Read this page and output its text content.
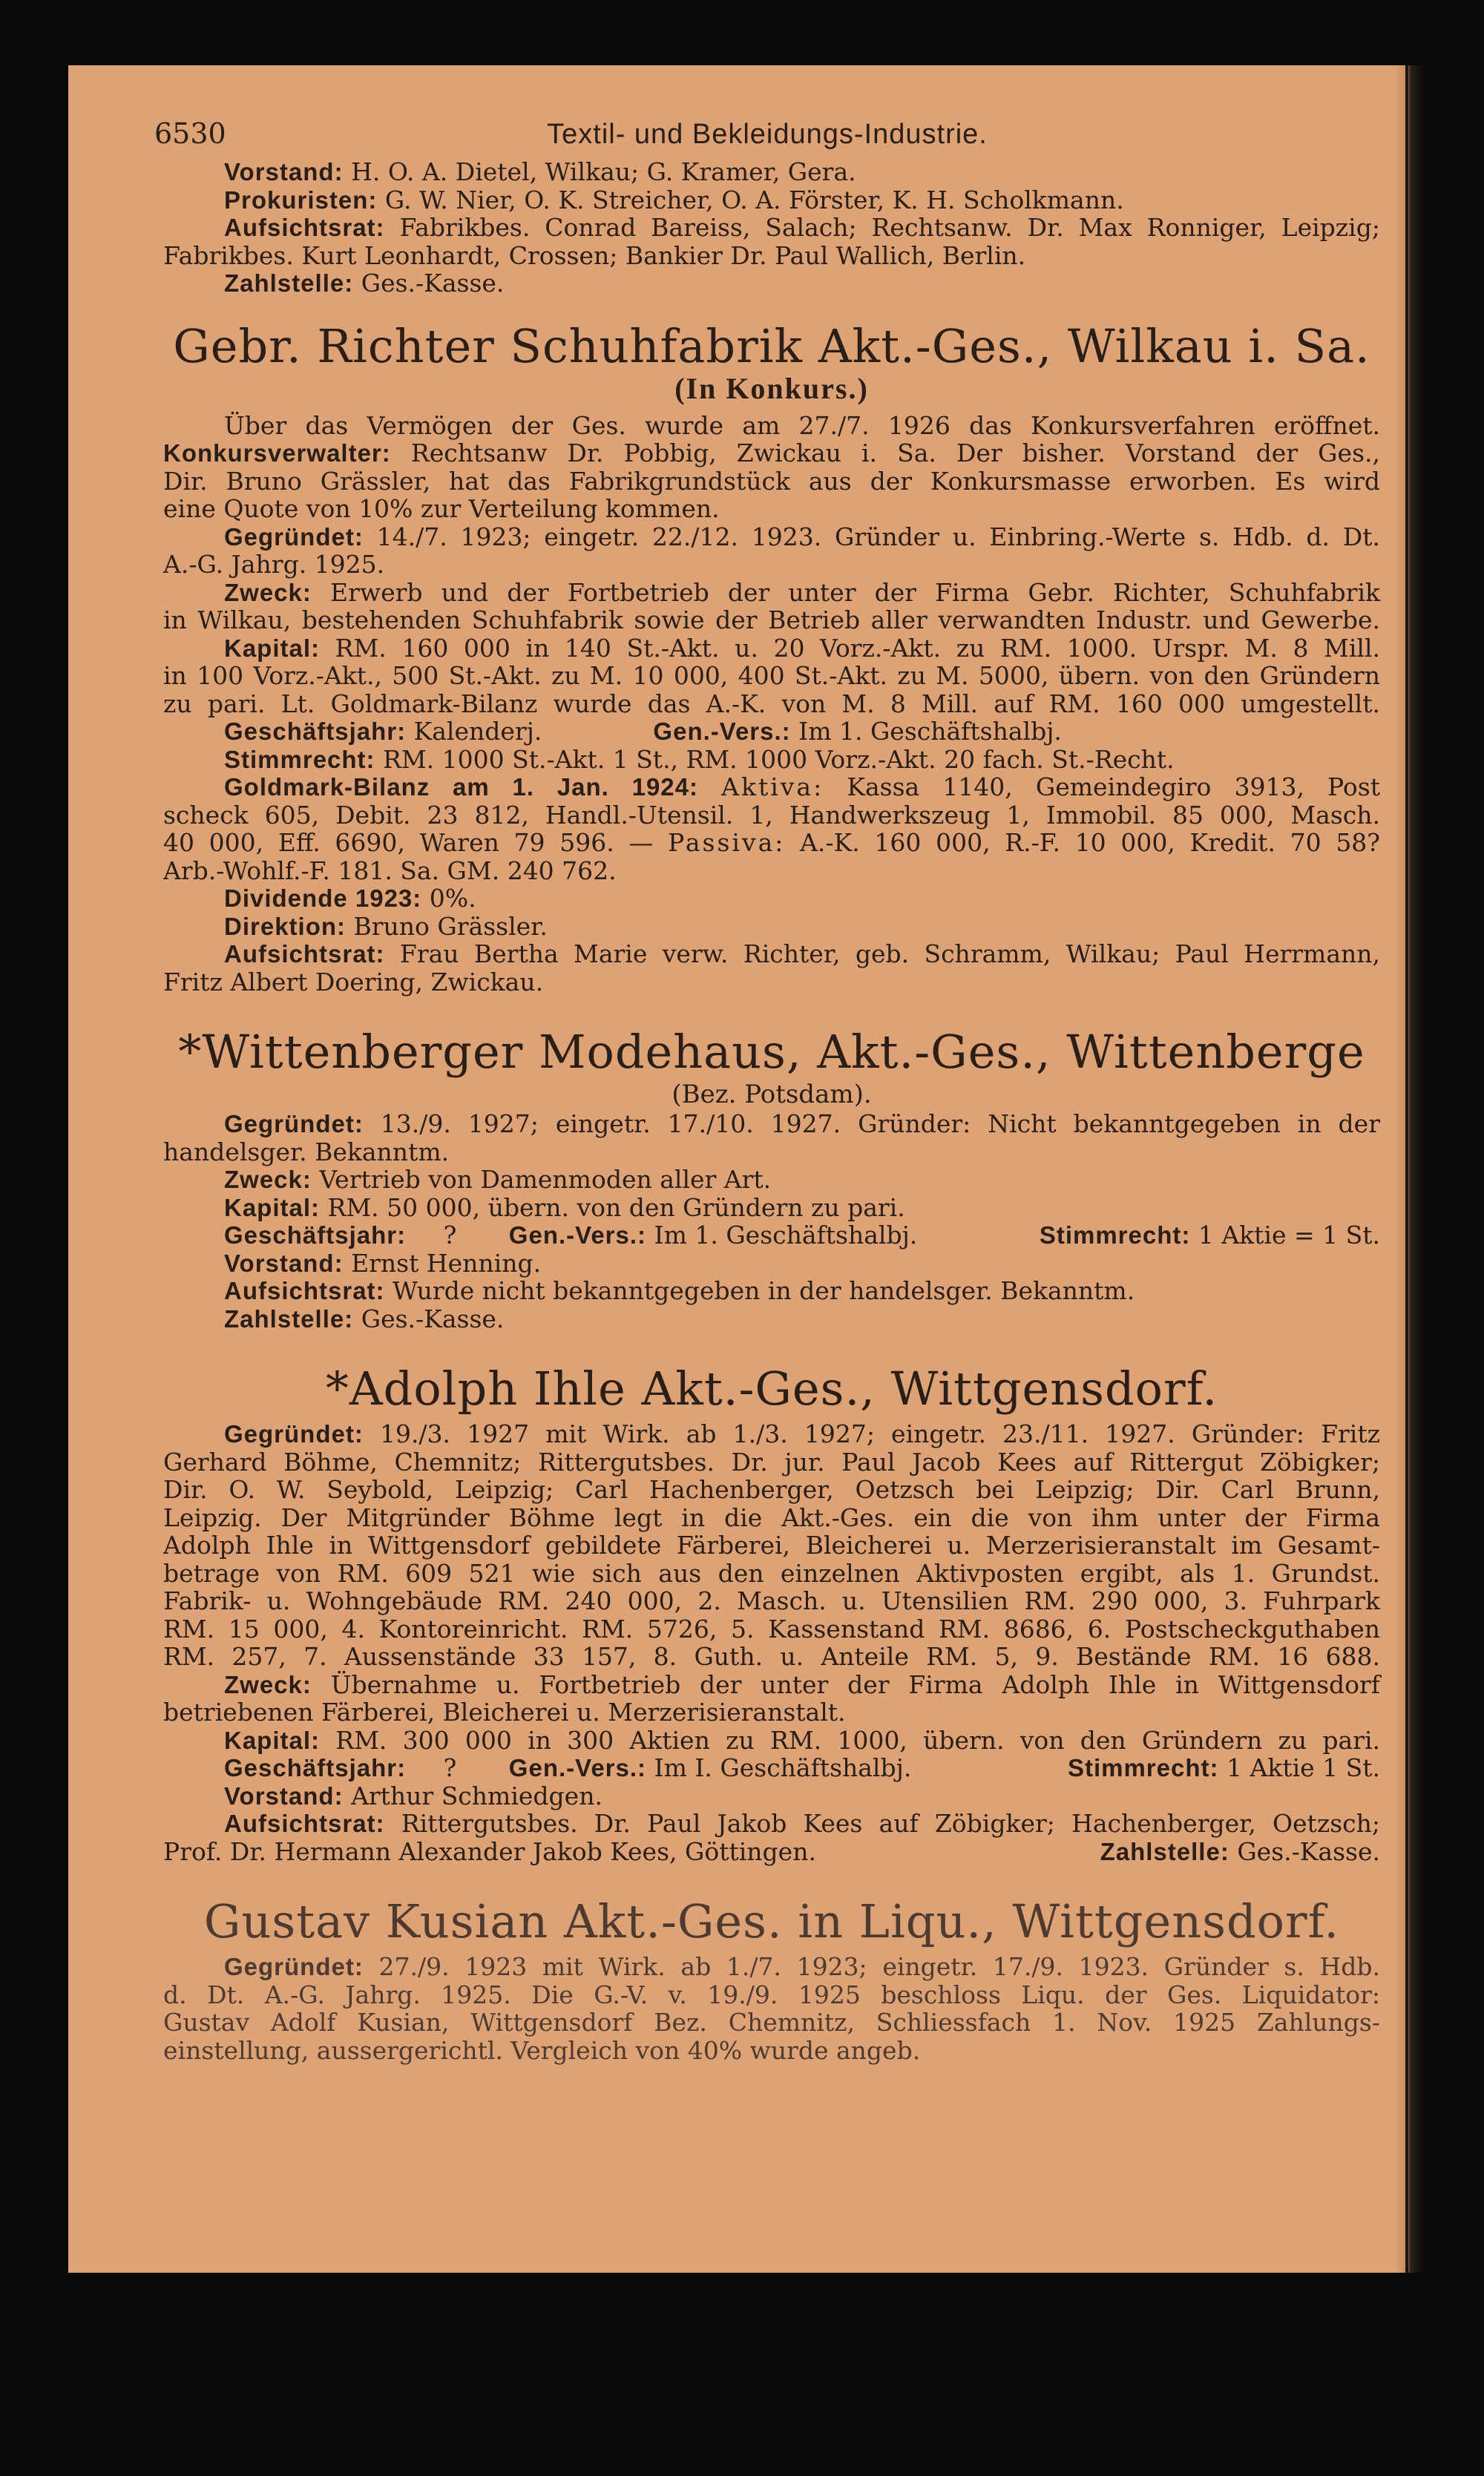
6530	Textil- und Bekleidungs-Industrie.

Vorstand: H. O. A. Dietel, Wilkau; G. Kramer, Gera.

Prokuristen: G. W. Nier, O. K. Streicher, O. A. Förster, K. H. Scholkmann.

Aufsichtsrat: Fabrikbes. Conrad Bareiss, Salach; Rechtsanw. Dr. Max Ronniger, Leipzig;

Fabrikbes. Kurt Leonhardt, Crossen; Bankier Dr. Paul Wallich, Berlin.

Zahlstelle: Ges.-Kasse.

Gebr. Richter Schuhfabrik Akt.-Ges., Wilkau i. Sa.

(In Konkurs.)

Über das Vermögen der Ges. wurde am 27./7. 1926 das Konkursverfahren eröffnet.

Konkursverwalter: Rechtsanw Dr. Pobbig, Zwickau i. Sa. Der bisher. Vorstand der Ges.,

Dir. Bruno Grässler, hat das Fabrikgrundstück aus der Konkursmasse erworben. Es wird

eine Quote von 10% zur Verteilung kommen.

Gegründet: 14./7. 1923; eingetr. 22./12. 1923. Gründer u. Einbring.-Werte s. Hdb. d. Dt.

A.-G. Jahrg. 1925.

Zweck: Erwerb und der Fortbetrieb der unter der Firma Gebr. Richter, Schuhfabrik

in Wilkau, bestehenden Schuhfabrik sowie der Betrieb aller verwandten Industr. und Gewerbe.

Kapital: RM. 160 000 in 140 St.-Akt. u. 20 Vorz.-Akt. zu RM. 1000. Urspr. M. 8 Mill.

in 100 Vorz.-Akt., 500 St.-Akt. zu M. 10 000, 400 St.-Akt. zu M. 5000, übern. von den Gründern

zu pari. Lt. Goldmark-Bilanz wurde das A.-K. von M. 8 Mill. auf RM. 160 000 umgestellt.

Geschäftsjahr: Kalenderj.	Gen.-Vers.: Im 1. Geschäftshalbj.

Stimmrecht: RM. 1000 St.-Akt. 1 St., RM. 1000 Vorz.-Akt. 20 fach. St.-Recht.

Goldmark-Bilanz am 1. Jan. 1924: Aktiva: Kassa 1140, Gemeindegiro 3913, Post

scheck 605, Debit. 23 812, Handl.-Utensil. 1, Handwerkszeug 1, Immobil. 85 000, Masch.

40 000, Eff. 6690, Waren 79 596. — Passiva: A.-K. 160 000, R.-F. 10 000, Kredit. 70 58?

Arb.-Wohlf.-F. 181. Sa. GM. 240 762.

Dividende 1923: 0%.

Direktion: Bruno Grässler.

Aufsichtsrat: Frau Bertha Marie verw. Richter, geb. Schramm, Wilkau; Paul Herrmann,

Fritz Albert Doering, Zwickau.

*Wittenberger Modehaus, Akt.-Ges., Wittenberge

(Bez. Potsdam).

Gegründet: 13./9. 1927; eingetr. 17./10. 1927. Gründer: Nicht bekanntgegeben in der

handelsger. Bekanntm.

Zweck: Vertrieb von Damenmoden aller Art.

Kapital: RM. 50 000, übern. von den Gründern zu pari.

Geschäftsjahr: ? Gen.-Vers.: Im 1. Geschäftshalbj.	Stimmrecht: 1 Aktie = 1 St.

Vorstand: Ernst Henning.

Aufsichtsrat: Wurde nicht bekanntgegeben in der handelsger. Bekanntm.

Zahlstelle: Ges.-Kasse.

*Adolph Ihle Akt.-Ges., Wittgensdorf.

Gegründet: 19./3. 1927 mit Wirk. ab 1./3. 1927; eingetr. 23./11. 1927. Gründer: Fritz

Gerhard Böhme, Chemnitz; Rittergutsbes. Dr. jur. Paul Jacob Kees auf Rittergut Zöbigker;

Dir. O. W. Seybold, Leipzig; Carl Hachenberger, Oetzsch bei Leipzig; Dir. Carl Brunn,

Leipzig. Der Mitgründer Böhme legt in die Akt.-Ges. ein die von ihm unter der Firma

Adolph Ihle in Wittgensdorf gebildete Färberei, Bleicherei u. Merzerisieranstalt im Gesamt-

betrage von RM. 609 521 wie sich aus den einzelnen Aktivposten ergibt, als 1. Grundst.

Fabrik- u. Wohngebäude RM. 240 000, 2. Masch. u. Utensilien RM. 290 000, 3. Fuhrpark

RM. 15 000, 4. Kontoreinricht. RM. 5726, 5. Kassenstand RM. 8686, 6. Postscheckguthaben

RM. 257, 7. Aussenstände 33 157, 8. Guth. u. Anteile RM. 5, 9. Bestände RM. 16 688.

Zweck: Übernahme u. Fortbetrieb der unter der Firma Adolph Ihle in Wittgensdorf

betriebenen Färberei, Bleicherei u. Merzerisieranstalt.

Kapital: RM. 300 000 in 300 Aktien zu RM. 1000, übern. von den Gründern zu pari.

Geschäftsjahr: ? Gen.-Vers.: Im I. Geschäftshalbj.	Stimmrecht: 1 Aktie 1 St.

Vorstand: Arthur Schmiedgen.

Aufsichtsrat: Rittergutsbes. Dr. Paul Jakob Kees auf Zöbigker; Hachenberger, Oetzsch;

Prof. Dr. Hermann Alexander Jakob Kees, Göttingen.	Zahlstelle: Ges.-Kasse.
Gustav Kusian Akt.-Ges. in Liqu., Wittgensdorf.

Gegründet: 27./9. 1923 mit Wirk. ab 1./7. 1923; eingetr. 17./9. 1923. Gründer s. Hdb.

d. Dt. A.-G. Jahrg. 1925. Die G.-V. v. 19./9. 1925 beschloss Liqu. der Ges. Liquidator:

Gustav Adolf Kusian, Wittgensdorf Bez. Chemnitz, Schliessfach 1. Nov. 1925 Zahlungs-

einstellung, aussergerichtl. Vergleich von 40% wurde angeb.
